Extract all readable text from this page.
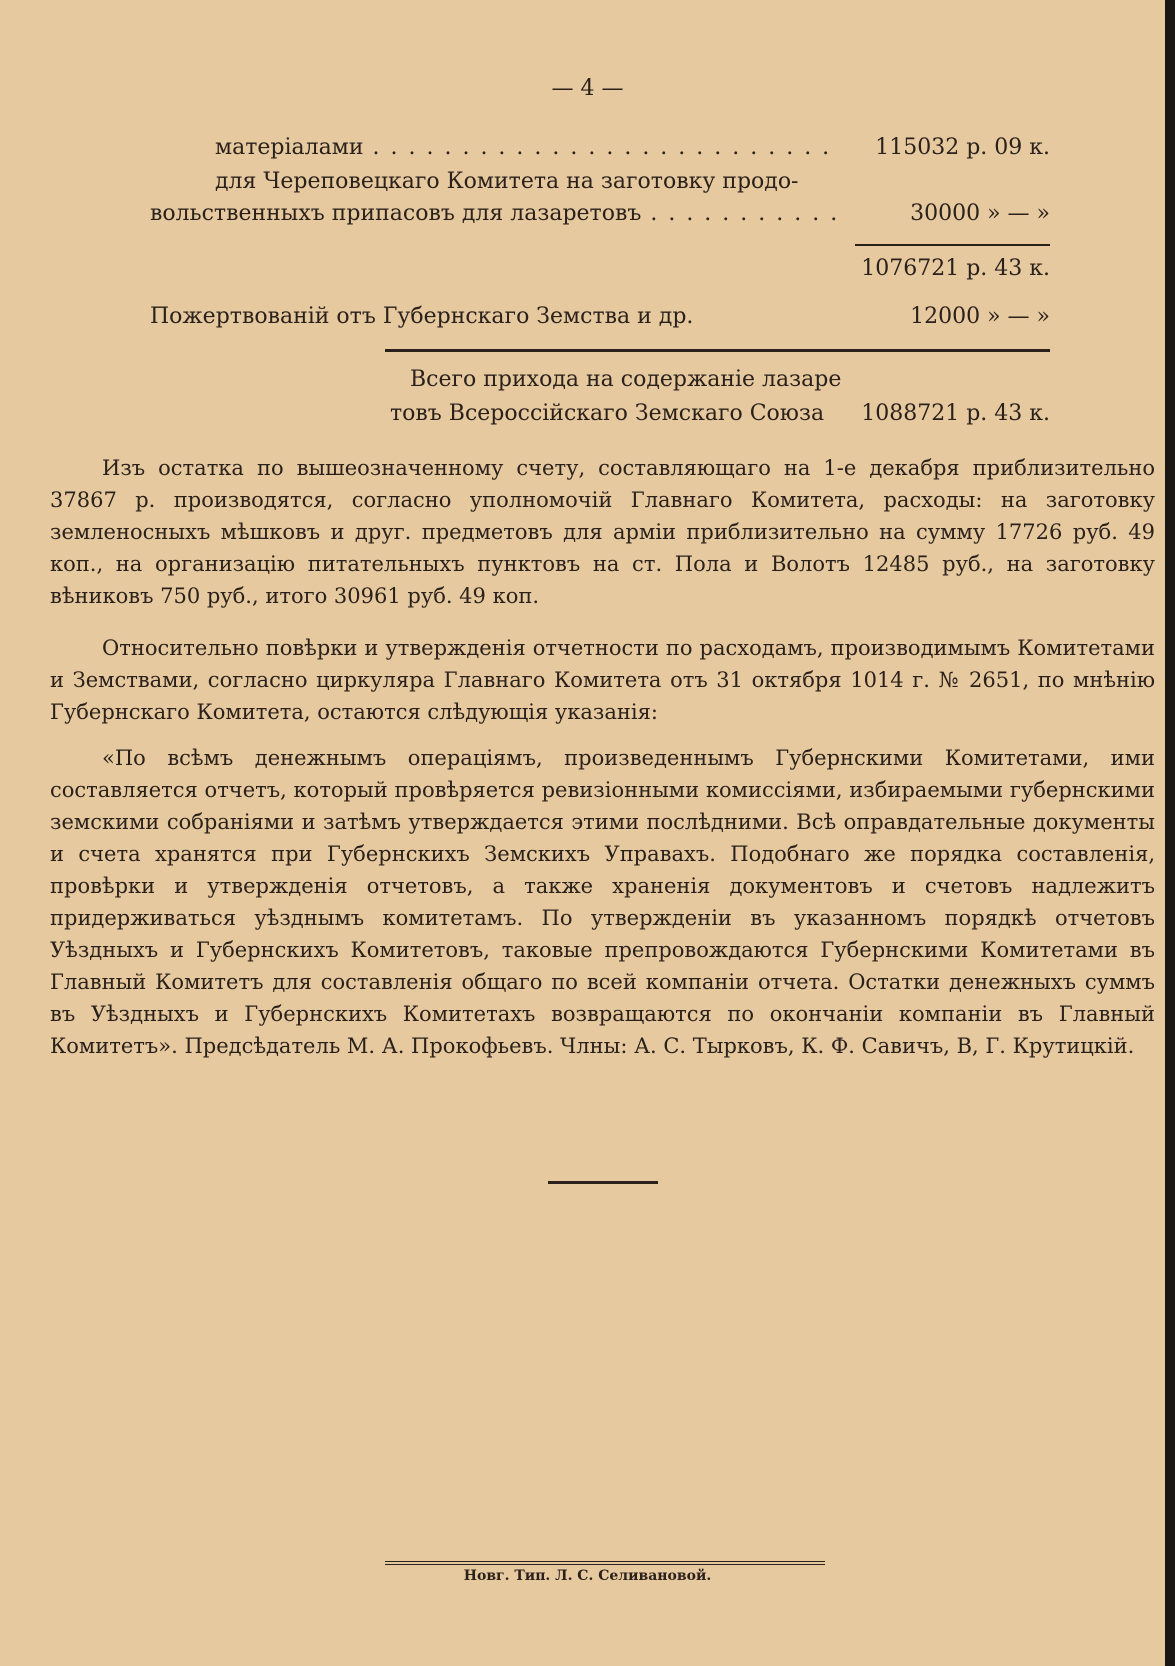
— 4 —
матеріалами . . .	115032 р. 09 к.
для Череповецкаго Комитета на заготовку продо-
вольственныхъ припасовъ для лазаретовъ . . .	30000 » — »
1076721 р. 43 к.
Пожертвованій отъ Губернскаго Земства и др.	12000 » — »
Всего прихода на содержаніе лазаре
товъ Всероссійскаго Земскаго Союза 1088721 р. 43 к.
Изъ остатка по вышеозначенному счету, составляющаго на 1-е декабря приблизительно 37867 р. производятся, согласно уполномочій Главнаго Комитета, расходы: на заготовку земленосныхъ мѣшковъ и друг. предметовъ для арміи приблизительно на сумму 17726 руб. 49 коп., на организацію питательныхъ пунктовъ на ст. Пола и Волотъ 12485 руб., на заготовку вѣниковъ 750 руб., итого 30961 руб. 49 коп.
Относительно повѣрки и утвержденія отчетности по расходамъ, производимымъ Комитетами и Земствами, согласно циркуляра Главнаго Комитета отъ 31 октября 1014 г. № 2651, по мнѣнію Губернскаго Комитета, остаются слѣдующія указанія:
«По всѣмъ денежнымъ операціямъ, произведеннымъ Губернскими Комитетами, ими составляется отчетъ, который провѣряется ревизіонными комиссіями, избираемыми губернскими земскими собраніями и затѣмъ утверждается этими послѣдними. Всѣ оправдательные документы и счета хранятся при Губернскихъ Земскихъ Управахъ. Подобнаго же порядка составленія, провѣрки и утвержденія отчетовъ, а также храненія документовъ и счетовъ надлежитъ придерживаться уѣзднымъ комитетамъ. По утвержденіи въ указанномъ порядкѣ отчетовъ Уѣздныхъ и Губернскихъ Комитетовъ, таковые препровождаются Губернскими Комитетами въ Главный Комитетъ для составленія общаго по всей компаніи отчета. Остатки денежныхъ суммъ въ Уѣздныхъ и Губернскихъ Комитетахъ возвращаются по окончаніи компаніи въ Главный Комитетъ». Предсѣдатель М. А. Прокофьевъ. Члны: А. С. Тырковъ, К. Ф. Савичъ, В, Г. Крутицкій.
Новг. Тип. Л. С. Селивановой.
